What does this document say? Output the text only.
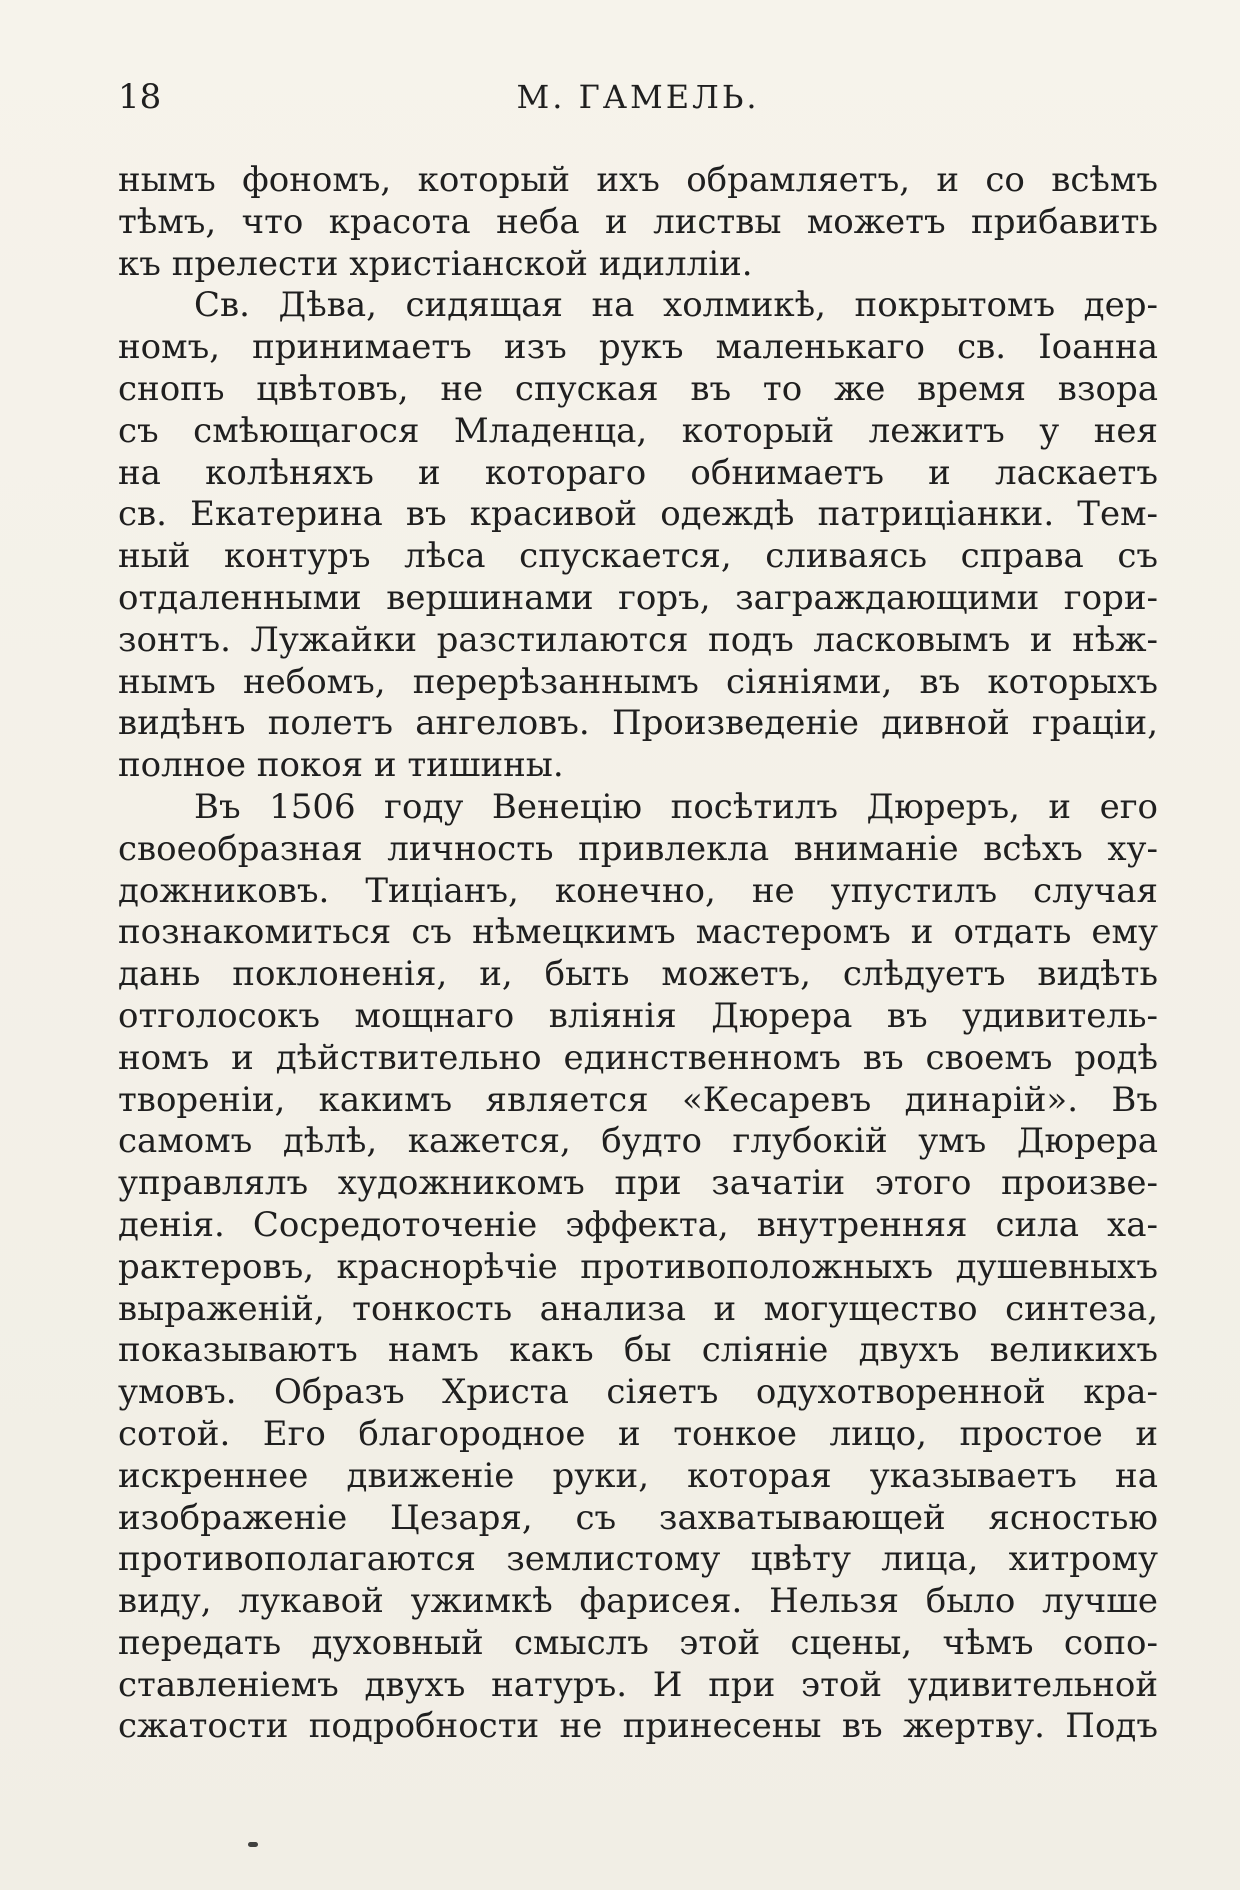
18	М. ГАМЕЛЬ.
нымъ фономъ, который ихъ обрамляетъ, и со всѣмъ
тѣмъ, что красота неба и листвы можетъ прибавить
къ прелести христіанской идилліи.
Св. Дѣва, сидящая на холмикѣ, покрытомъ дер-
номъ, принимаетъ изъ рукъ маленькаго св. Іоанна
снопъ цвѣтовъ, не спуская въ то же время взора
съ смѣющагося Младенца, который лежитъ у нея
на колѣняхъ и котораго обнимаетъ и ласкаетъ
св. Екатерина въ красивой одеждѣ патриціанки. Тем-
ный контуръ лѣса спускается, сливаясь справа съ
отдаленными вершинами горъ, заграждающими гори-
зонтъ. Лужайки разстилаются подъ ласковымъ и нѣж-
нымъ небомъ, перерѣзаннымъ сіяніями, въ которыхъ
видѣнъ полетъ ангеловъ. Произведеніе дивной граціи,
полное покоя и тишины.
Въ 1506 году Венецію посѣтилъ Дюреръ, и его
своеобразная личность привлекла вниманіе всѣхъ ху-
дожниковъ. Тиціанъ, конечно, не упустилъ случая
познакомиться съ нѣмецкимъ мастеромъ и отдать ему
дань поклоненія, и, быть можетъ, слѣдуетъ видѣть
отголосокъ мощнаго вліянія Дюрера въ удивитель-
номъ и дѣйствительно единственномъ въ своемъ родѣ
твореніи, какимъ является «Кесаревъ динарій». Въ
самомъ дѣлѣ, кажется, будто глубокій умъ Дюрера
управлялъ художникомъ при зачатіи этого произве-
денія. Сосредоточеніе эффекта, внутренняя сила ха-
рактеровъ, краснорѣчіе противоположныхъ душевныхъ
выраженій, тонкость анализа и могущество синтеза,
показываютъ намъ какъ бы сліяніе двухъ великихъ
умовъ. Образъ Христа сіяетъ одухотворенной кра-
сотой. Его благородное и тонкое лицо, простое и
искреннее движеніе руки, которая указываетъ на
изображеніе Цезаря, съ захватывающей ясностью
противополагаются землистому цвѣту лица, хитрому
виду, лукавой ужимкѣ фарисея. Нельзя было лучше
передать духовный смыслъ этой сцены, чѣмъ сопо-
ставленіемъ двухъ натуръ. И при этой удивительной
сжатости подробности не принесены въ жертву. Подъ
